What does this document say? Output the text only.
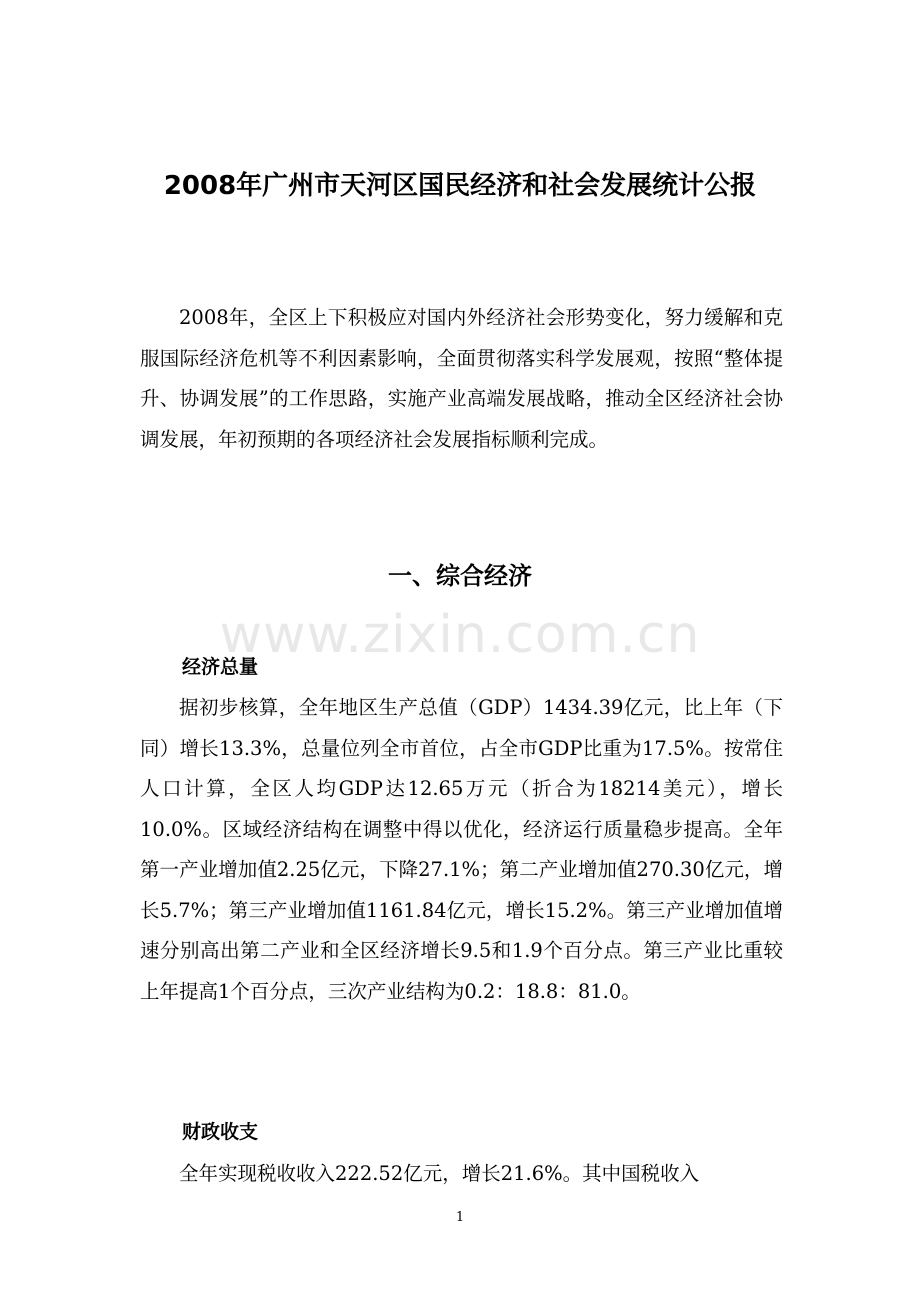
2008年广州市天河区国民经济和社会发展统计公报

2008年，全区上下积极应对国内外经济社会形势变化，努力缓解和克服国际经济危机等不利因素影响，全面贯彻落实科学发展观，按照“整体提升、协调发展”的工作思路，实施产业高端发展战略，推动全区经济社会协调发展，年初预期的各项经济社会发展指标顺利完成。

一、综合经济
www.zixin.com.cn
经济总量

据初步核算，全年地区生产总值（GDP）1434.39亿元，比上年（下同）增长13.3%，总量位列全市首位，占全市GDP比重为17.5%。按常住人口计算，全区人均GDP达12.65万元（折合为18214美元），增长10.0%。区域经济结构在调整中得以优化，经济运行质量稳步提高。全年第一产业增加值2.25亿元，下降27.1%；第二产业增加值270.30亿元，增长5.7%；第三产业增加值1161.84亿元，增长15.2%。第三产业增加值增速分别高出第二产业和全区经济增长9.5和1.9个百分点。第三产业比重较上年提高1个百分点，三次产业结构为0.2：18.8：81.0。

财政收支

全年实现税收收入222.52亿元，增长21.6%。其中国税收入

1
